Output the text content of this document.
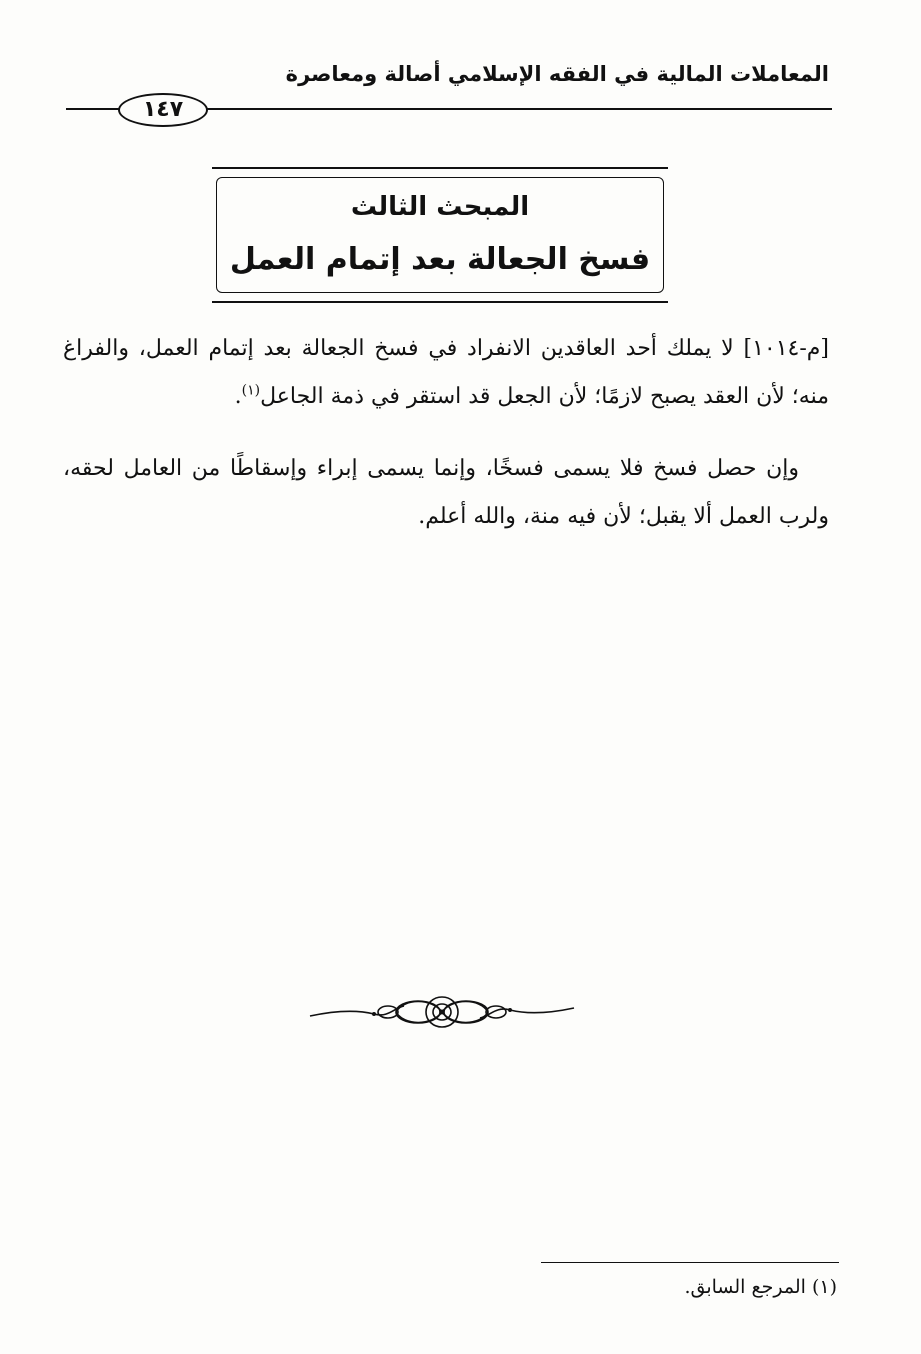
المعاملات المالية في الفقه الإسلامي أصالة ومعاصرة
١٤٧
المبحث الثالث
فسخ الجعالة بعد إتمام العمل

[م-١٠١٤] لا يملك أحد العاقدين الانفراد في فسخ الجعالة بعد إتمام العمل، والفراغ منه؛ لأن العقد يصبح لازمًا؛ لأن الجعل قد استقر في ذمة الجاعل$^{(١)}$.

وإن حصل فسخ فلا يسمى فسخًا، وإنما يسمى إبراء وإسقاطًا من العامل لحقه، ولرب العمل ألا يقبل؛ لأن فيه منة، والله أعلم.

(١) المرجع السابق.
